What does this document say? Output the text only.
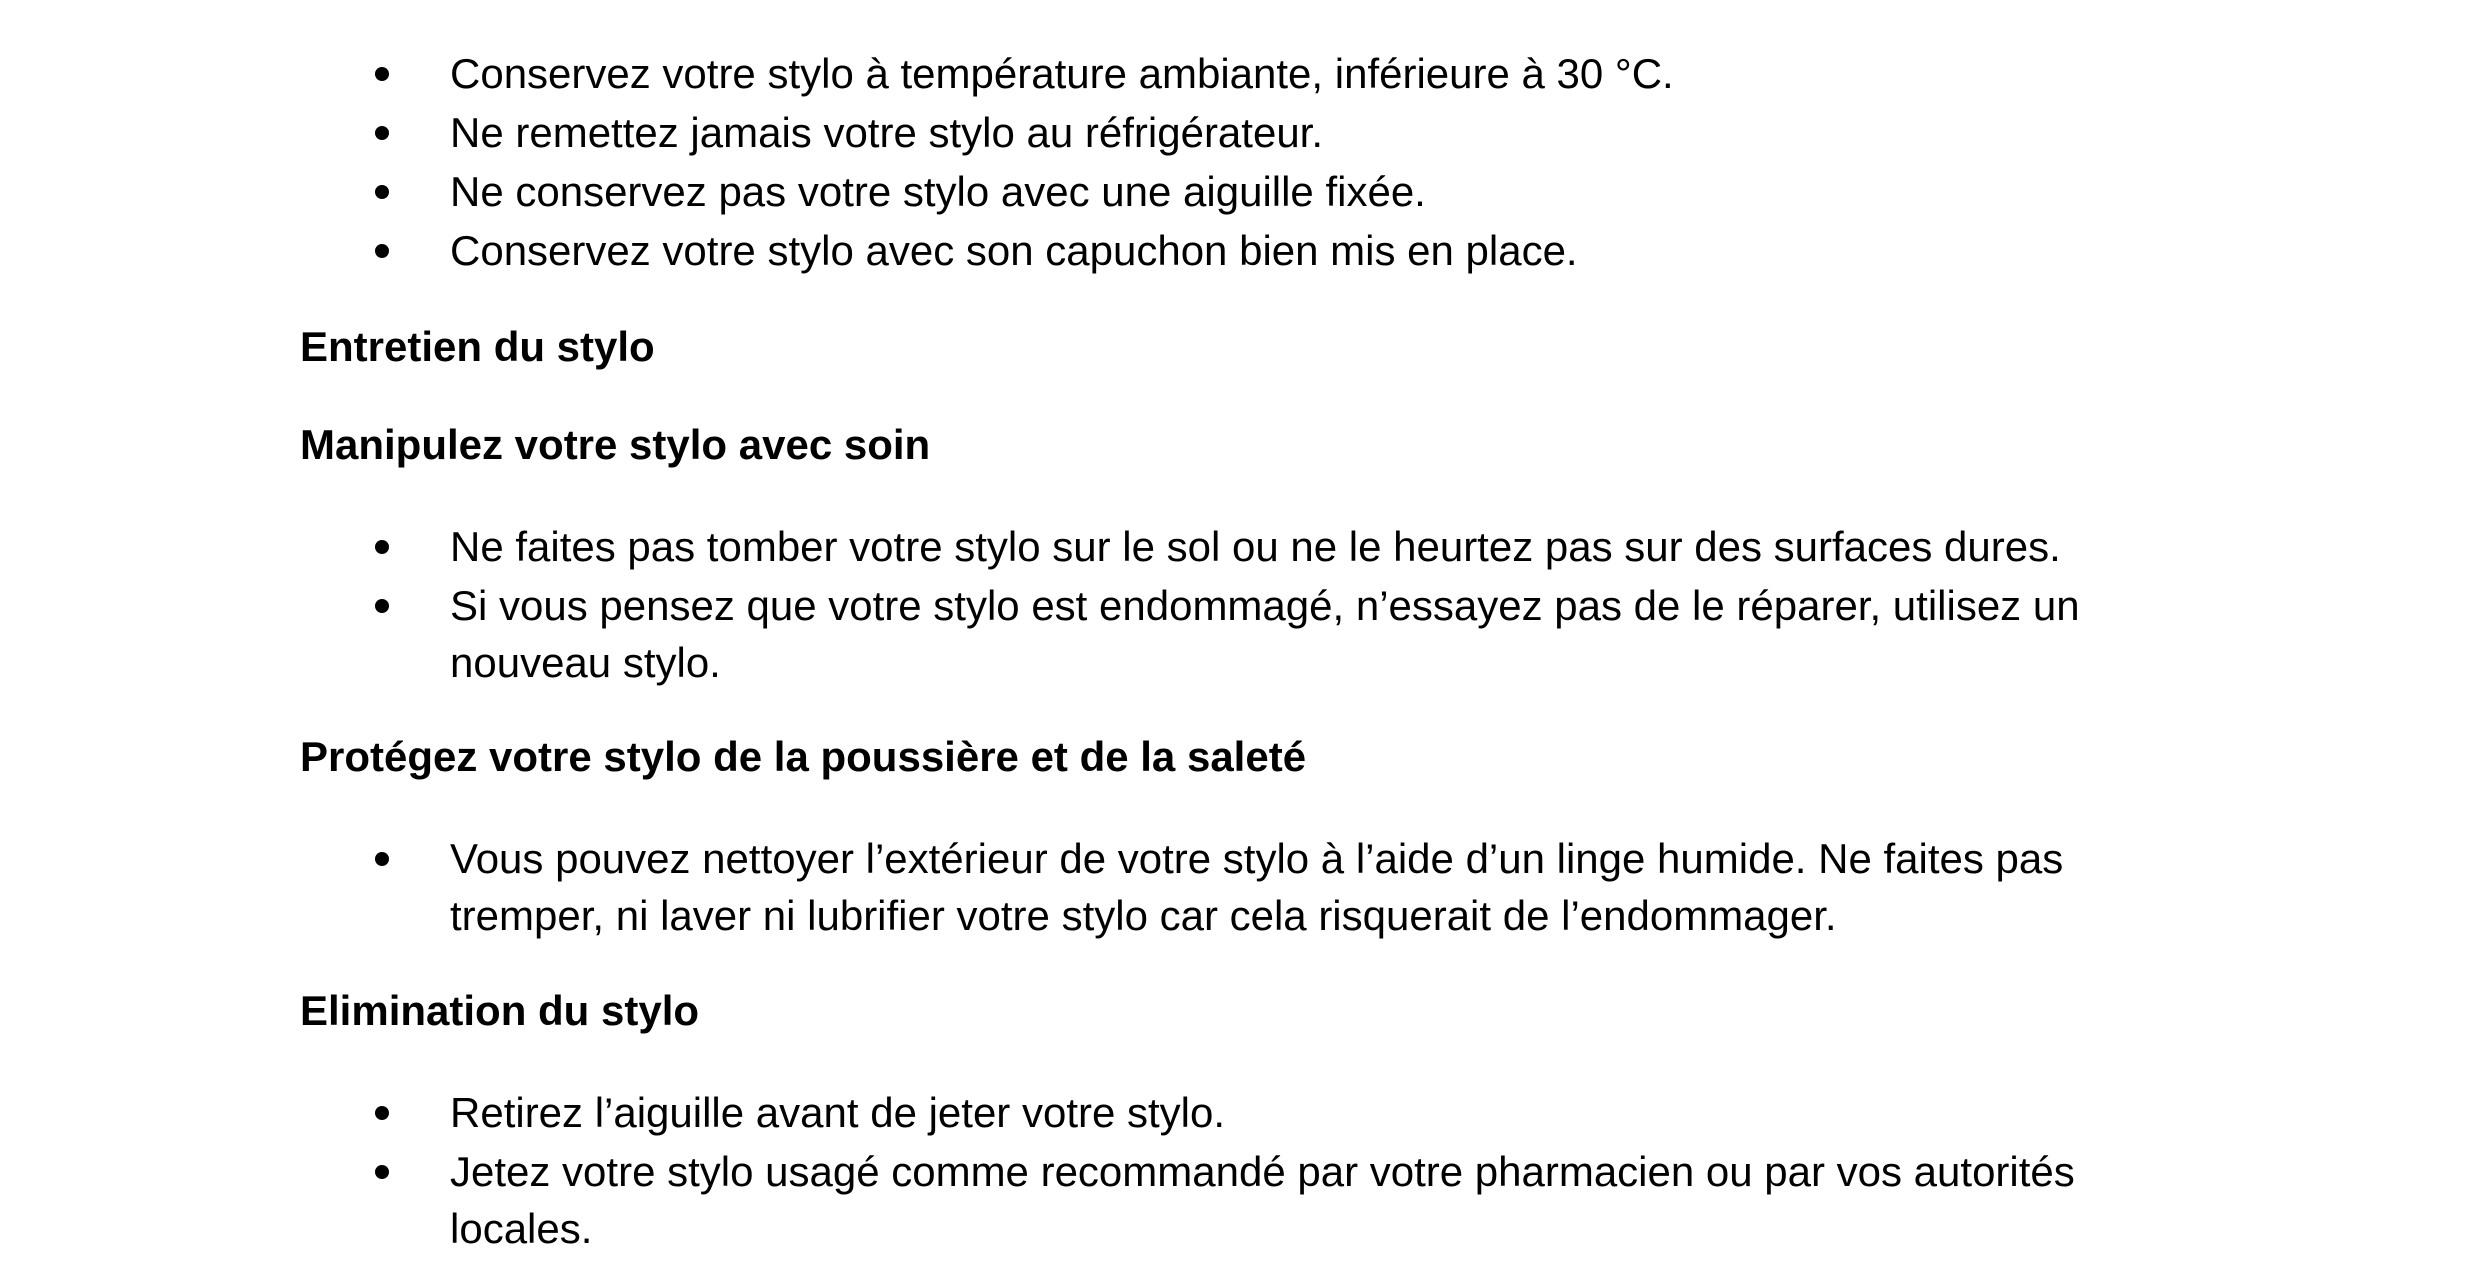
Conservez votre stylo à température ambiante, inférieure à 30 °C.
Ne remettez jamais votre stylo au réfrigérateur.
Ne conservez pas votre stylo avec une aiguille fixée.
Conservez votre stylo avec son capuchon bien mis en place.
Entretien du stylo
Manipulez votre stylo avec soin
Ne faites pas tomber votre stylo sur le sol ou ne le heurtez pas sur des surfaces dures.
Si vous pensez que votre stylo est endommagé, n’essayez pas de le réparer, utilisez un nouveau stylo.
Protégez votre stylo de la poussière et de la saleté
Vous pouvez nettoyer l’extérieur de votre stylo à l’aide d’un linge humide. Ne faites pas tremper, ni laver ni lubrifier votre stylo car cela risquerait de l’endommager.
Elimination du stylo
Retirez l’aiguille avant de jeter votre stylo.
Jetez votre stylo usagé comme recommandé par votre pharmacien ou par vos autorités locales.
